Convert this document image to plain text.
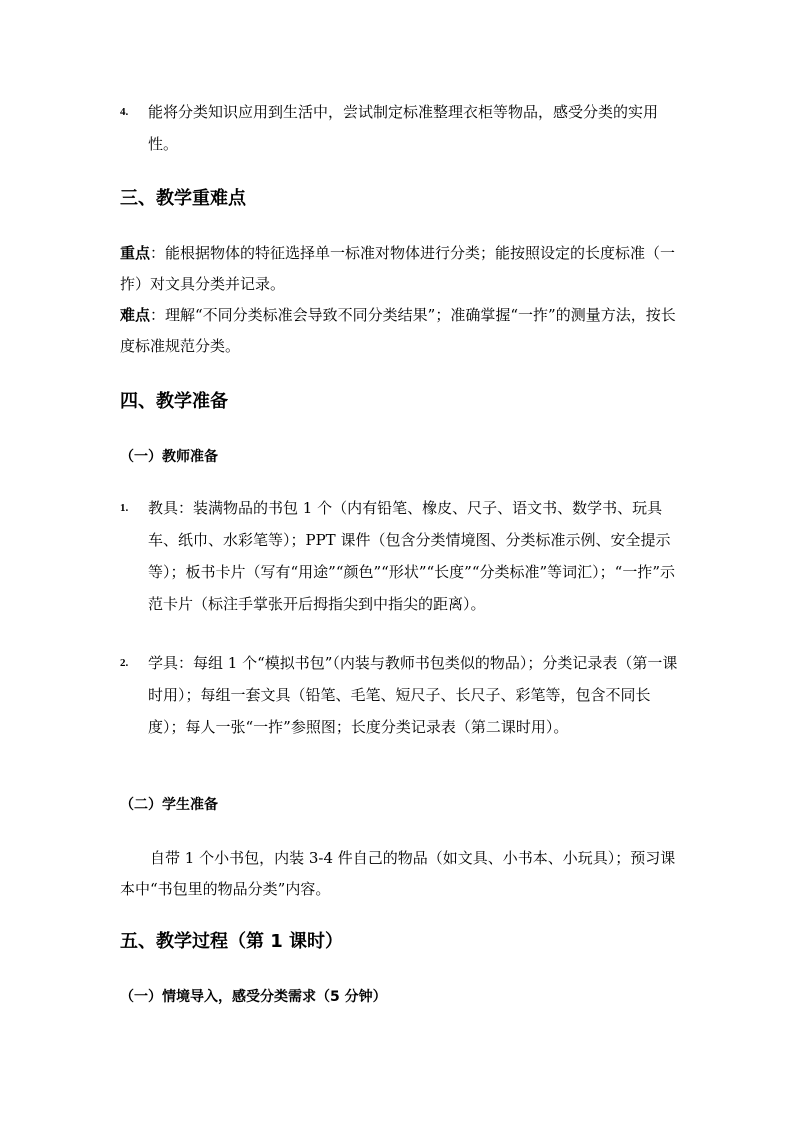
4.	能将分类知识应用到生活中，尝试制定标准整理衣柜等物品，感受分类的实用性。
三、教学重难点
重点：能根据物体的特征选择单一标准对物体进行分类；能按照设定的长度标准（一拃）对文具分类并记录。
难点：理解“不同分类标准会导致不同分类结果”；准确掌握“一拃”的测量方法，按长度标准规范分类。
四、教学准备
（一）教师准备
1.	教具：装满物品的书包 1 个（内有铅笔、橡皮、尺子、语文书、数学书、玩具车、纸巾、水彩笔等）；PPT 课件（包含分类情境图、分类标准示例、安全提示等）；板书卡片（写有“用途”“颜色”“形状”“长度”“分类标准”等词汇）；“一拃”示范卡片（标注手掌张开后拇指尖到中指尖的距离）。
2.	学具：每组 1 个“模拟书包”（内装与教师书包类似的物品）；分类记录表（第一课时用）；每组一套文具（铅笔、毛笔、短尺子、长尺子、彩笔等，包含不同长度）；每人一张“一拃”参照图；长度分类记录表（第二课时用）。
（二）学生准备
自带 1 个小书包，内装 3-4 件自己的物品（如文具、小书本、小玩具）；预习课本中“书包里的物品分类”内容。
五、教学过程（第 1 课时）
（一）情境导入，感受分类需求（5 分钟）
